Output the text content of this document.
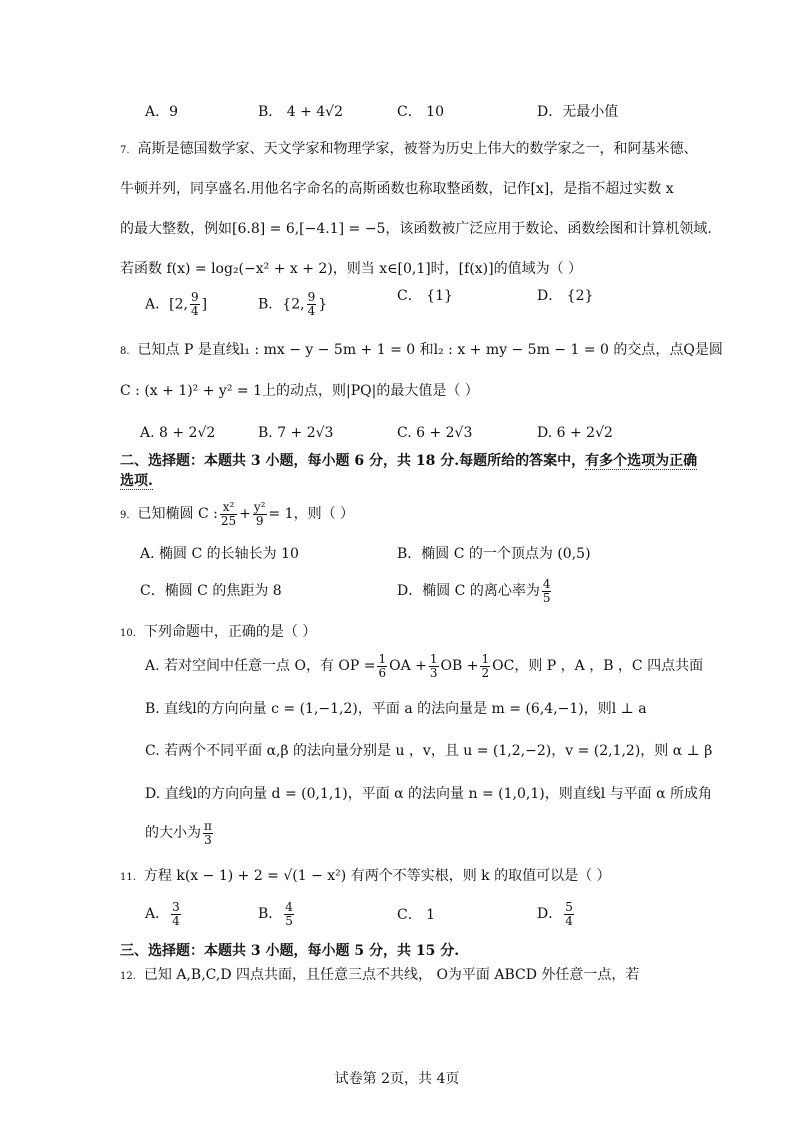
A．9	B． 4 + 4√2	C． 10	D．无最小值
7. 高斯是德国数学家、天文学家和物理学家，被誉为历史上伟大的数学家之一，和阿基米德、
牛顿并列，同享盛名.用他名字命名的高斯函数也称取整函数，记作[x]，是指不超过实数 x
的最大整数，例如[6.8] = 6,[−4.1] = −5，该函数被广泛应用于数论、函数绘图和计算机领域.
若函数 f(x) = log₂(−x² + x + 2)，则当 x∈[0,1]时，[f(x)]的值域为（ ）
A．[2, $\frac{9}{4}$ ]	B．{2, $\frac{9}{4}$ }
C． {1}	D． {2}
8. 已知点 P 是直线l₁ : mx − y − 5m + 1 = 0 和l₂ : x + my − 5m − 1 = 0 的交点，点Q是圆
C : (x + 1)² + y² = 1上的动点，则|PQ|的最大值是（ ）
A. 8 + 2√2	B. 7 + 2√3	C. 6 + 2√3	D. 6 + 2√2
二、选择题：本题共 3 小题，每小题 6 分，共 18 分.每题所给的答案中，有多个选项为正确
选项.
9. 已知椭圆 C : $\frac{\text{x²}}{25} + \frac{\text{y²}}{9} = 1$，则（ ）
A. 椭圆 C 的长轴长为 10	B．椭圆 C 的一个顶点为 (0,5)
C．椭圆 C 的焦距为 8	D．椭圆 C 的离心率为 $\frac{4}{5}$
10. 下列命题中，正确的是（ ）
A. 若对空间中任意一点 O，有 OP = $\frac{1}{6}$ OA + $\frac{1}{3}$ OB + $\frac{1}{2}$ OC，则 P ，A ，B ，C 四点共面
B. 直线l的方向向量 c = (1,−1,2)，平面 a 的法向量是 m = (6,4,−1)，则l ⊥ a
C. 若两个不同平面 α,β 的法向量分别是 u ，v，且 u = (1,2,−2)，v = (2,1,2)，则 α ⊥ β
D. 直线l的方向向量 d = (0,1,1)，平面 α 的法向量 n = (1,0,1)，则直线l 与平面 α 所成角
的大小为 $\frac{\pi}{3}$
11. 方程 k(x − 1) + 2 = √(1 − x²) 有两个不等实根，则 k 的取值可以是（ ）
A． $\frac{3}{4}$	B． $\frac{4}{5}$	C． 1	D． $\frac{5}{4}$
三、选择题：本题共 3 小题，每小题 5 分，共 15 分.
12. 已知 A,B,C,D 四点共面，且任意三点不共线， O为平面 ABCD 外任意一点，若
试卷第 2页，共 4页
